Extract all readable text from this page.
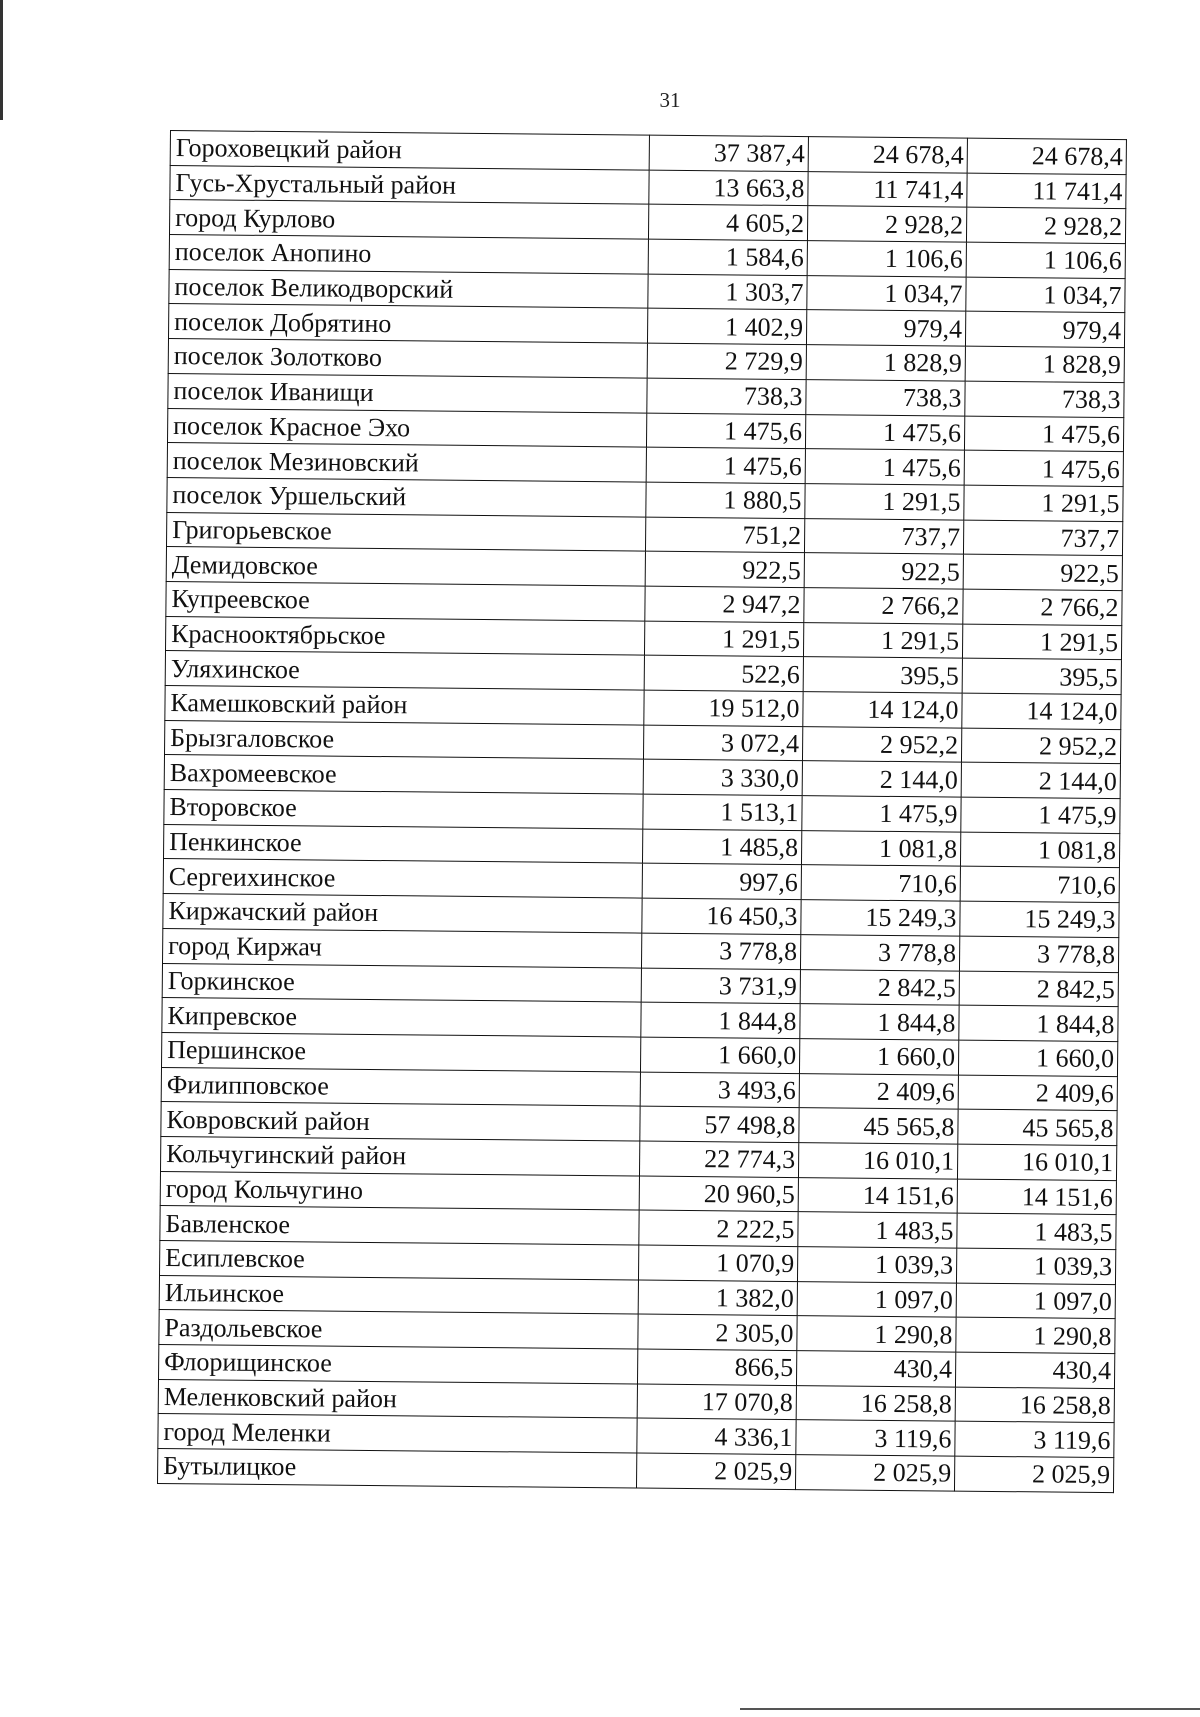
31
Гороховецкий район	37 387,4	24 678,4	24 678,4
Гусь-Хрустальный район	13 663,8	11 741,4	11 741,4
город Курлово	4 605,2	2 928,2	2 928,2
поселок Анопино	1 584,6	1 106,6	1 106,6
поселок Великодворский	1 303,7	1 034,7	1 034,7
поселок Добрятино	1 402,9	979,4	979,4
поселок Золотково	2 729,9	1 828,9	1 828,9
поселок Иванищи	738,3	738,3	738,3
поселок Красное Эхо	1 475,6	1 475,6	1 475,6
поселок Мезиновский	1 475,6	1 475,6	1 475,6
поселок Уршельский	1 880,5	1 291,5	1 291,5
Григорьевское	751,2	737,7	737,7
Демидовское	922,5	922,5	922,5
Купреевское	2 947,2	2 766,2	2 766,2
Краснооктябрьское	1 291,5	1 291,5	1 291,5
Уляхинское	522,6	395,5	395,5
Камешковский район	19 512,0	14 124,0	14 124,0
Брызгаловское	3 072,4	2 952,2	2 952,2
Вахромеевское	3 330,0	2 144,0	2 144,0
Второвское	1 513,1	1 475,9	1 475,9
Пенкинское	1 485,8	1 081,8	1 081,8
Сергеихинское	997,6	710,6	710,6
Киржачский район	16 450,3	15 249,3	15 249,3
город Киржач	3 778,8	3 778,8	3 778,8
Горкинское	3 731,9	2 842,5	2 842,5
Кипревское	1 844,8	1 844,8	1 844,8
Першинское	1 660,0	1 660,0	1 660,0
Филипповское	3 493,6	2 409,6	2 409,6
Ковровский район	57 498,8	45 565,8	45 565,8
Кольчугинский район	22 774,3	16 010,1	16 010,1
город Кольчугино	20 960,5	14 151,6	14 151,6
Бавленское	2 222,5	1 483,5	1 483,5
Есиплевское	1 070,9	1 039,3	1 039,3
Ильинское	1 382,0	1 097,0	1 097,0
Раздольевское	2 305,0	1 290,8	1 290,8
Флорищинское	866,5	430,4	430,4
Меленковский район	17 070,8	16 258,8	16 258,8
город Меленки	4 336,1	3 119,6	3 119,6
Бутылицкое	2 025,9	2 025,9	2 025,9
